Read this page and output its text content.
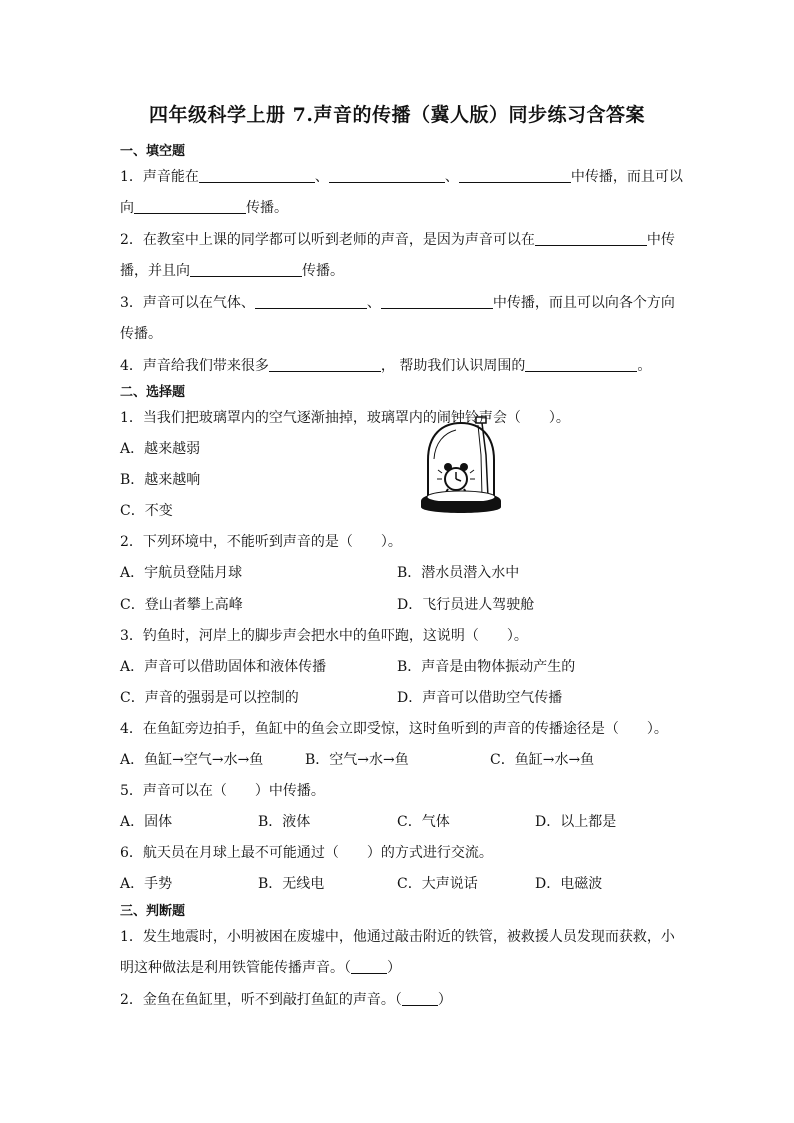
四年级科学上册 7.声音的传播（冀人版）同步练习含答案
一、填空题
1．声音能在	、	、	中传播，而且可以
向	传播。
2．在教室中上课的同学都可以听到老师的声音，是因为声音可以在	中传
播，并且向	传播。
3．声音可以在气体、	、	中传播，而且可以向各个方向
传播。
4．声音给我们带来很多	， 帮助我们认识周围的	。
二、选择题
1．当我们把玻璃罩内的空气逐渐抽掉，玻璃罩内的闹钟铃声会（　　）。
A．越来越弱
B．越来越响
C．不变
2．下列环境中，不能听到声音的是（　　）。
A．宇航员登陆月球	B．潜水员潜入水中
C．登山者攀上高峰	D．飞行员进人驾驶舱
3．钓鱼时，河岸上的脚步声会把水中的鱼吓跑，这说明（　　）。
A．声音可以借助固体和液体传播	B．声音是由物体振动产生的
C．声音的强弱是可以控制的	D．声音可以借助空气传播
4．在鱼缸旁边拍手，鱼缸中的鱼会立即受惊，这时鱼听到的声音的传播途径是（　　）。
A．鱼缸→空气→水→鱼	B．空气→水→鱼	C．鱼缸→水→鱼
5．声音可以在（　　）中传播。
A．固体	B．液体	C．气体	D．以上都是
6．航天员在月球上最不可能通过（　　）的方式进行交流。
A．手势	B．无线电	C．大声说话	D．电磁波
三、判断题
1．发生地震时，小明被困在废墟中，他通过敲击附近的铁管，被救援人员发现而获救，小
明这种做法是利用铁管能传播声音。（	）
2．金鱼在鱼缸里，听不到敲打鱼缸的声音。（	）
